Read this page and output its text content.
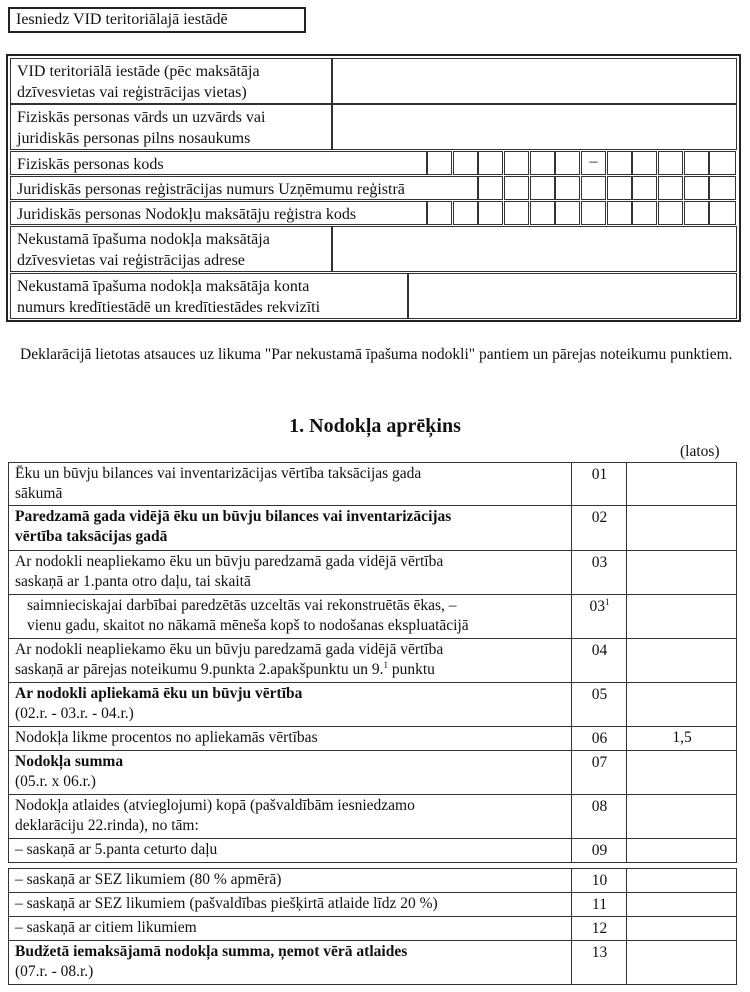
Iesniedz VID teritoriālajā iestādē
VID teritoriālā iestāde (pēc maksātāja
dzīvesvietas vai reģistrācijas vietas)
Fiziskās personas vārds un uzvārds vai
juridiskās personas pilns nosaukums
Fiziskās personas kods	–
Juridiskās personas reģistrācijas numurs Uzņēmumu reģistrā
Juridiskās personas Nodokļu maksātāju reģistra kods
Nekustamā īpašuma nodokļa maksātāja
dzīvesvietas vai reģistrācijas adrese
Nekustamā īpašuma nodokļa maksātāja konta
numurs kredītiestādē un kredītiestādes rekvizīti
Deklarācijā lietotas atsauces uz likuma "Par nekustamā īpašuma nodokli" pantiem un pārejas noteikumu punktiem.
1. Nodokļa aprēķins
(latos)
Ēku un būvju bilances vai inventarizācijas vērtība taksācijas gada
sākumā	01	

Paredzamā gada vidējā ēku un būvju bilances vai inventarizācijas
vērtība taksācijas gadā	02	

Ar nodokli neapliekamo ēku un būvju paredzamā gada vidējā vērtība
saskaņā ar 1.panta otro daļu, tai skaitā	03	

saimnieciskajai darbībai paredzētās uzceltās vai rekonstruētās ēkas, –
vienu gadu, skaitot no nākamā mēneša kopš to nodošanas ekspluatācijā	$03^1$	

Ar nodokli neapliekamo ēku un būvju paredzamā gada vidējā vērtība
saskaņā ar pārejas noteikumu 9.punkta 2.apakšpunktu un 9.$^1$ punktu	04	

Ar nodokli apliekamā ēku un būvju vērtība
(02.r. - 03.r. - 04.r.)	05	

Nodokļa likme procentos no apliekamās vērtības	06	1,5

Nodokļa summa
(05.r. x 06.r.)	07	

Nodokļa atlaides (atvieglojumi) kopā (pašvaldībām iesniedzamo
deklarāciju 22.rinda), no tām:	08	

– saskaņā ar 5.panta ceturto daļu	09	
– saskaņā ar SEZ likumiem (80 % apmērā)	10	

– saskaņā ar SEZ likumiem (pašvaldības piešķirtā atlaide līdz 20 %)	11	

– saskaņā ar citiem likumiem	12	

Budžetā iemaksājamā nodokļa summa, ņemot vērā atlaides
(07.r. - 08.r.)	13	
